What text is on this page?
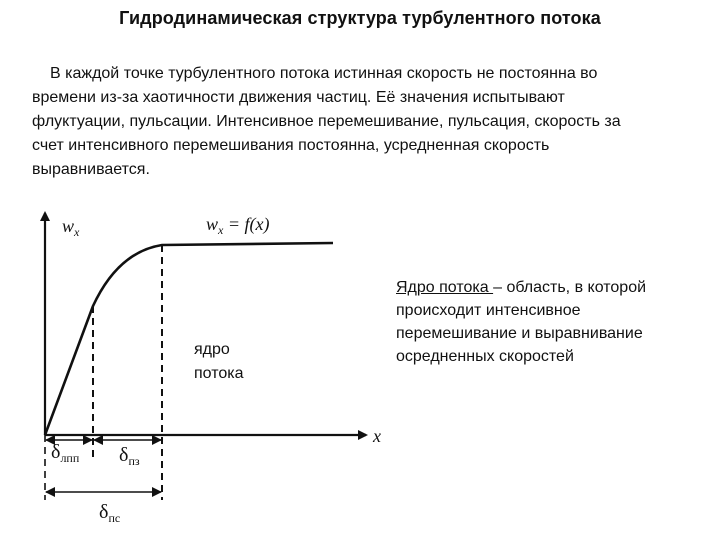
Гидродинамическая структура турбулентного потока
В каждой точке турбулентного потока истинная скорость не постоянна во
времени из-за хаотичности движения частиц. Её значения испытывают
флуктуации, пульсации. Интенсивное перемешивание, пульсация, скорость за
счет интенсивного перемешивания постоянна, усредненная скорость
выравнивается.
$w_x$	$w_x = f(x)$
x
ядро
потока
$\delta_{лпп}$ $\delta_{пз}$
$\delta_{пс}$
Ядро потока – область, в которой
происходит интенсивное
перемешивание и выравнивание
осредненных скоростей
